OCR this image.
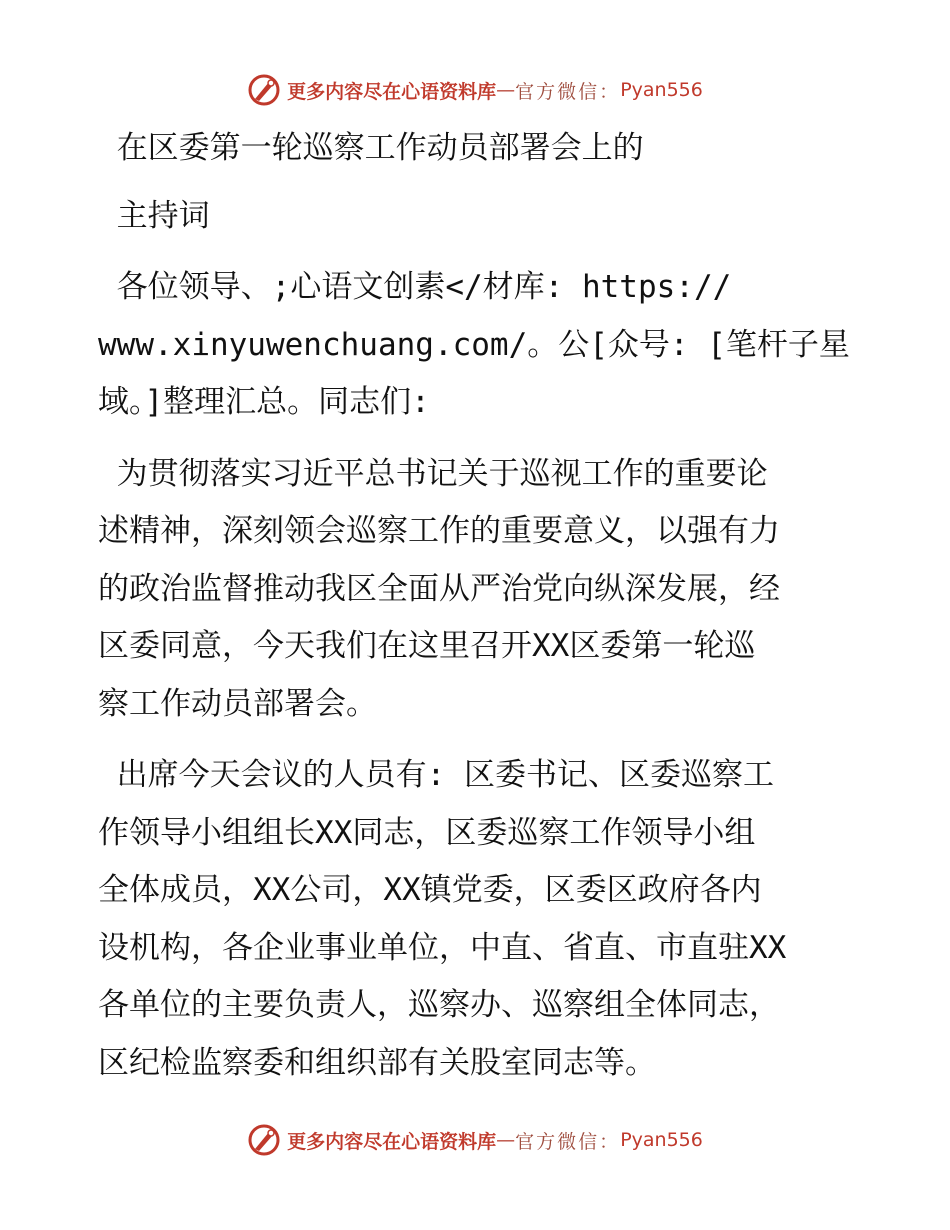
更多内容尽在心语资料库 — 官方微信： Pyan556

在区委第一轮巡察工作动员部署会上的

主持词

各位领导、;心语文创素</材库: https://

www.xinyuwenchuang.com/。公[众号: [笔杆子星

域。]整理汇总。同志们:

为贯彻落实习近平总书记关于巡视工作的重要论

述精神，深刻领会巡察工作的重要意义，以强有力

的政治监督推动我区全面从严治党向纵深发展，经

区委同意，今天我们在这里召开XX区委第一轮巡

察工作动员部署会。

出席今天会议的人员有: 区委书记、区委巡察工

作领导小组组长XX同志，区委巡察工作领导小组

全体成员，XX公司，XX镇党委，区委区政府各内

设机构，各企业事业单位，中直、省直、市直驻XX

各单位的主要负责人，巡察办、巡察组全体同志，

区纪检监察委和组织部有关股室同志等。

更多内容尽在心语资料库 — 官方微信： Pyan556
